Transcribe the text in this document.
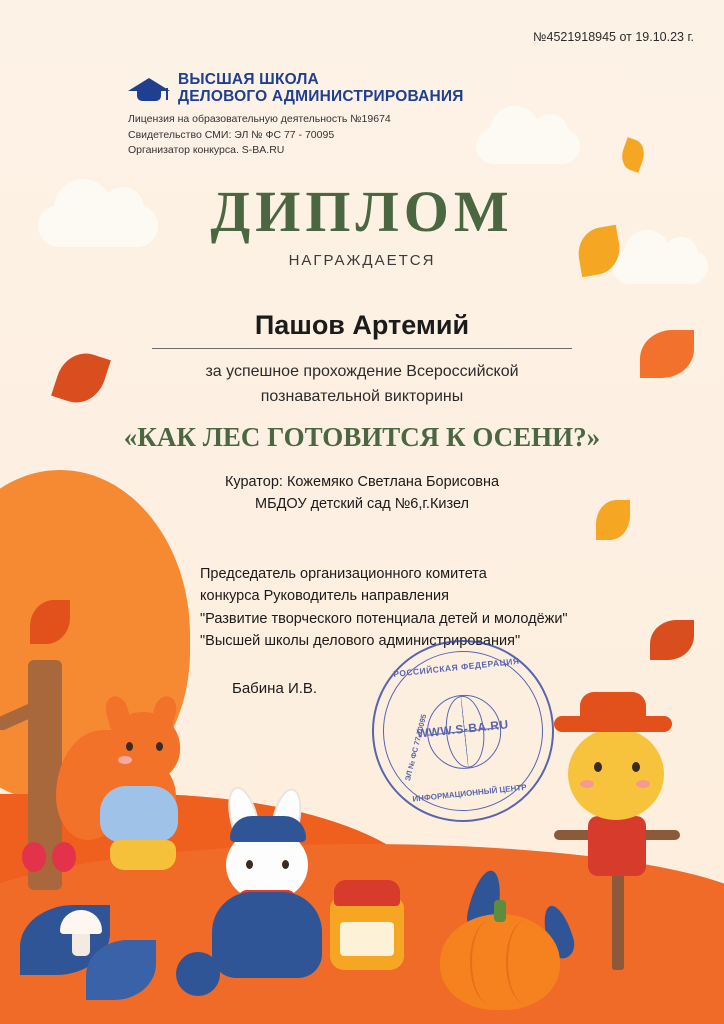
№4521918945 от 19.10.23 г.
ВЫСШАЯ ШКОЛА
ДЕЛОВОГО АДМИНИСТРИРОВАНИЯ
Лицензия на образовательную деятельность №19674
Свидетельство СМИ: ЭЛ № ФС 77 - 70095
Организатор конкурса. S-BA.RU
ДИПЛОМ
НАГРАЖДАЕТСЯ
Пашов Артемий
за успешное прохождение Всероссийской
познавательной викторины
«КАК ЛЕС ГОТОВИТСЯ К ОСЕНИ?»
Куратор: Кожемяко Светлана Борисовна
МБДОУ детский сад №6,г.Кизел
Председатель организационного комитета
конкурса Руководитель направления
"Развитие творческого потенциала детей и молодёжи"
"Высшей школы делового администрирования"
Бабина И.В.
РОССИЙСКАЯ ФЕДЕРАЦИЯ
WWW.S-BA.RU
ЭЛ № ФС 77-70095
ИНФОРМАЦИОННЫЙ ЦЕНТР
